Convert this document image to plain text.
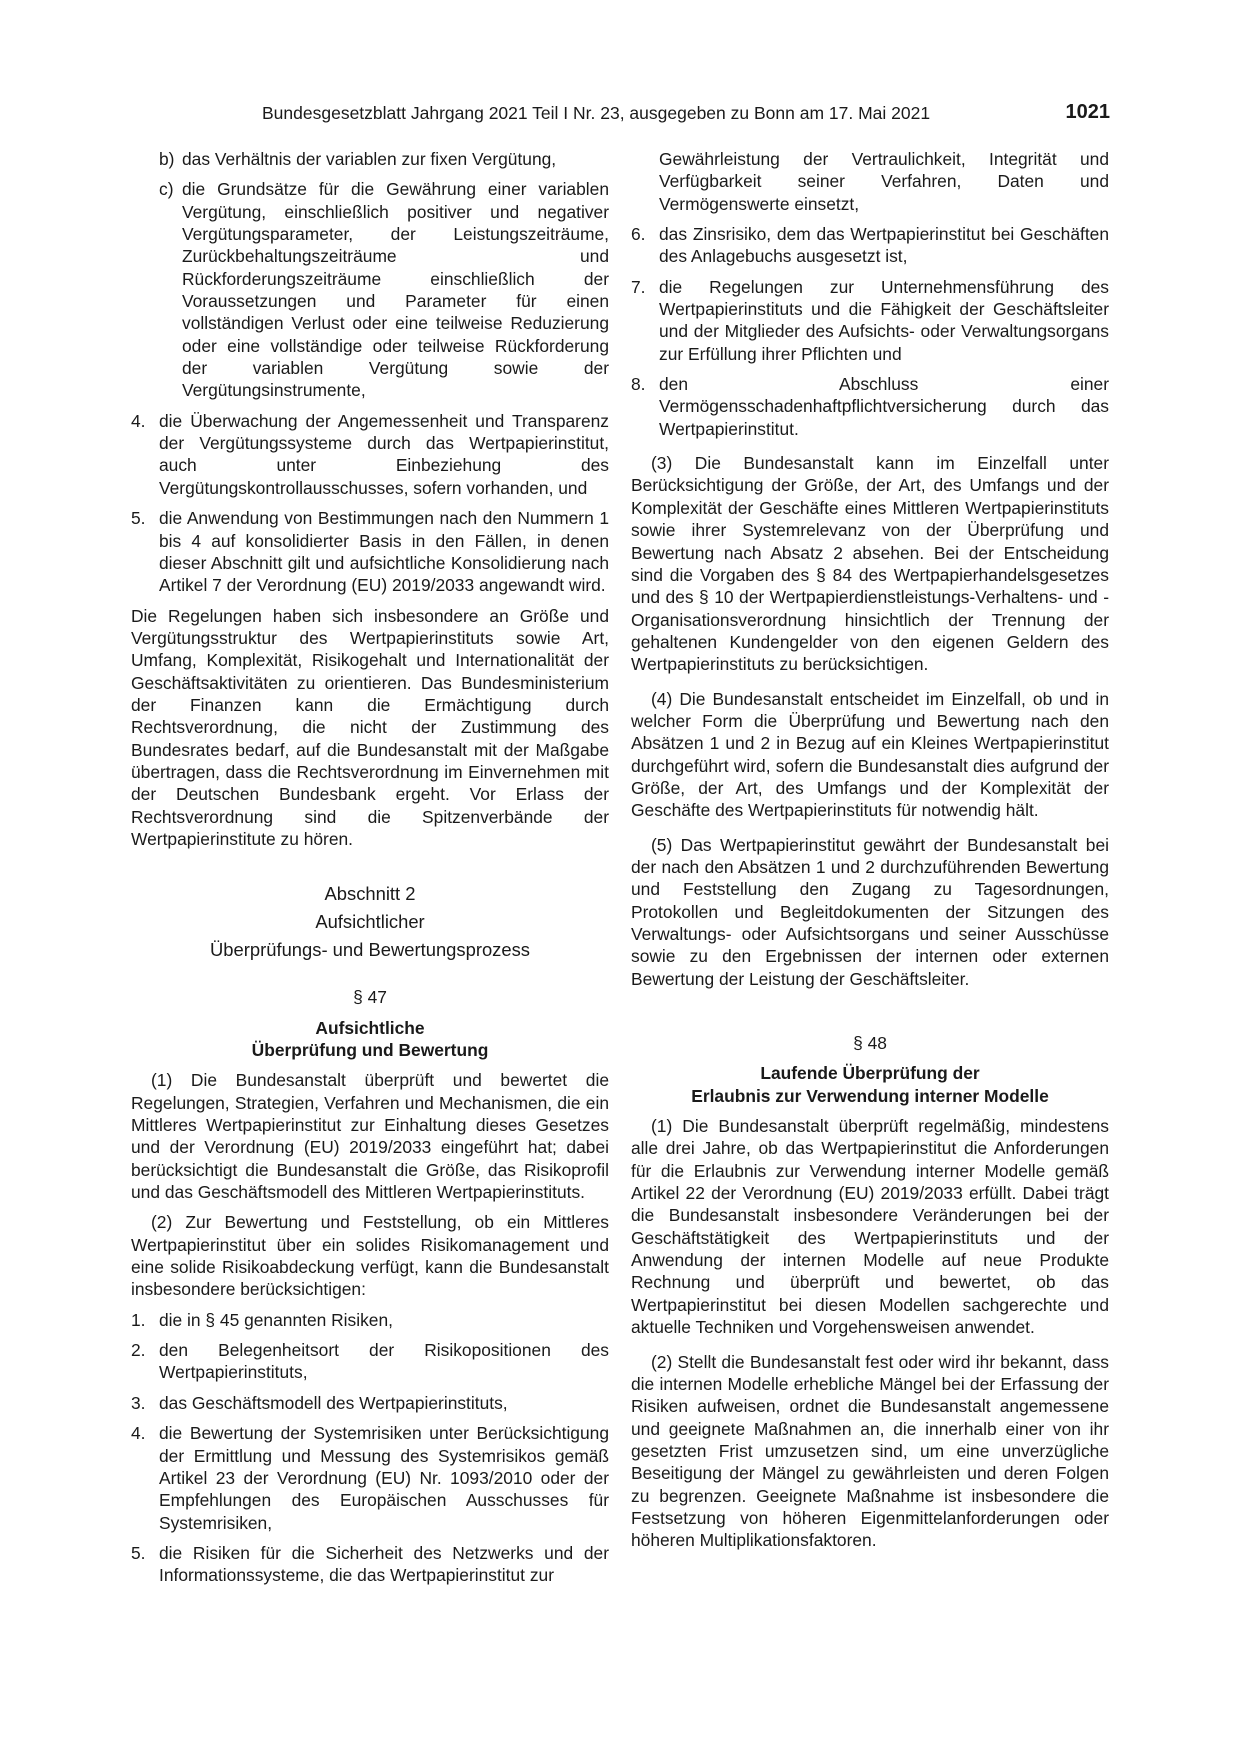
Bundesgesetzblatt Jahrgang 2021 Teil I Nr. 23, ausgegeben zu Bonn am 17. Mai 2021	1021
b) das Verhältnis der variablen zur fixen Vergütung,
c) die Grundsätze für die Gewährung einer variablen Vergütung, einschließlich positiver und negativer Vergütungsparameter, der Leistungszeiträume, Zurückbehaltungszeiträume und Rückforderungszeiträume einschließlich der Voraussetzungen und Parameter für einen vollständigen Verlust oder eine teilweise Reduzierung oder eine vollständige oder teilweise Rückforderung der variablen Vergütung sowie der Vergütungsinstrumente,
4. die Überwachung der Angemessenheit und Transparenz der Vergütungssysteme durch das Wertpapierinstitut, auch unter Einbeziehung des Vergütungskontrollausschusses, sofern vorhanden, und
5. die Anwendung von Bestimmungen nach den Nummern 1 bis 4 auf konsolidierter Basis in den Fällen, in denen dieser Abschnitt gilt und aufsichtliche Konsolidierung nach Artikel 7 der Verordnung (EU) 2019/2033 angewandt wird.

Die Regelungen haben sich insbesondere an Größe und Vergütungsstruktur des Wertpapierinstituts sowie Art, Umfang, Komplexität, Risikogehalt und Internationalität der Geschäftsaktivitäten zu orientieren. Das Bundesministerium der Finanzen kann die Ermächtigung durch Rechtsverordnung, die nicht der Zustimmung des Bundesrates bedarf, auf die Bundesanstalt mit der Maßgabe übertragen, dass die Rechtsverordnung im Einvernehmen mit der Deutschen Bundesbank ergeht. Vor Erlass der Rechtsverordnung sind die Spitzenverbände der Wertpapierinstitute zu hören.

Abschnitt 2

Aufsichtlicher

Überprüfungs- und Bewertungsprozess

§ 47

Aufsichtliche

Überprüfung und Bewertung

(1) Die Bundesanstalt überprüft und bewertet die Regelungen, Strategien, Verfahren und Mechanismen, die ein Mittleres Wertpapierinstitut zur Einhaltung dieses Gesetzes und der Verordnung (EU) 2019/2033 eingeführt hat; dabei berücksichtigt die Bundesanstalt die Größe, das Risikoprofil und das Geschäftsmodell des Mittleren Wertpapierinstituts.

(2) Zur Bewertung und Feststellung, ob ein Mittleres Wertpapierinstitut über ein solides Risikomanagement und eine solide Risikoabdeckung verfügt, kann die Bundesanstalt insbesondere berücksichtigen:

1. die in § 45 genannten Risiken,
2. den Belegenheitsort der Risikopositionen des Wertpapierinstituts,
3. das Geschäftsmodell des Wertpapierinstituts,
4. die Bewertung der Systemrisiken unter Berücksichtigung der Ermittlung und Messung des Systemrisikos gemäß Artikel 23 der Verordnung (EU) Nr. 1093/2010 oder der Empfehlungen des Europäischen Ausschusses für Systemrisiken,
5. die Risiken für die Sicherheit des Netzwerks und der Informationssysteme, die das Wertpapierinstitut zur
Gewährleistung der Vertraulichkeit, Integrität und Verfügbarkeit seiner Verfahren, Daten und Vermögenswerte einsetzt,
6. das Zinsrisiko, dem das Wertpapierinstitut bei Geschäften des Anlagebuchs ausgesetzt ist,
7. die Regelungen zur Unternehmensführung des Wertpapierinstituts und die Fähigkeit der Geschäftsleiter und der Mitglieder des Aufsichts- oder Verwaltungsorgans zur Erfüllung ihrer Pflichten und
8. den Abschluss einer Vermögensschadenhaftpflichtversicherung durch das Wertpapierinstitut.

(3) Die Bundesanstalt kann im Einzelfall unter Berücksichtigung der Größe, der Art, des Umfangs und der Komplexität der Geschäfte eines Mittleren Wertpapierinstituts sowie ihrer Systemrelevanz von der Überprüfung und Bewertung nach Absatz 2 absehen. Bei der Entscheidung sind die Vorgaben des § 84 des Wertpapierhandelsgesetzes und des § 10 der Wertpapierdienstleistungs-Verhaltens- und -Organisationsverordnung hinsichtlich der Trennung der gehaltenen Kundengelder von den eigenen Geldern des Wertpapierinstituts zu berücksichtigen.

(4) Die Bundesanstalt entscheidet im Einzelfall, ob und in welcher Form die Überprüfung und Bewertung nach den Absätzen 1 und 2 in Bezug auf ein Kleines Wertpapierinstitut durchgeführt wird, sofern die Bundesanstalt dies aufgrund der Größe, der Art, des Umfangs und der Komplexität der Geschäfte des Wertpapierinstituts für notwendig hält.

(5) Das Wertpapierinstitut gewährt der Bundesanstalt bei der nach den Absätzen 1 und 2 durchzuführenden Bewertung und Feststellung den Zugang zu Tagesordnungen, Protokollen und Begleitdokumenten der Sitzungen des Verwaltungs- oder Aufsichtsorgans und seiner Ausschüsse sowie zu den Ergebnissen der internen oder externen Bewertung der Leistung der Geschäftsleiter.

§ 48

Laufende Überprüfung der

Erlaubnis zur Verwendung interner Modelle

(1) Die Bundesanstalt überprüft regelmäßig, mindestens alle drei Jahre, ob das Wertpapierinstitut die Anforderungen für die Erlaubnis zur Verwendung interner Modelle gemäß Artikel 22 der Verordnung (EU) 2019/2033 erfüllt. Dabei trägt die Bundesanstalt insbesondere Veränderungen bei der Geschäftstätigkeit des Wertpapierinstituts und der Anwendung der internen Modelle auf neue Produkte Rechnung und überprüft und bewertet, ob das Wertpapierinstitut bei diesen Modellen sachgerechte und aktuelle Techniken und Vorgehensweisen anwendet.

(2) Stellt die Bundesanstalt fest oder wird ihr bekannt, dass die internen Modelle erhebliche Mängel bei der Erfassung der Risiken aufweisen, ordnet die Bundesanstalt angemessene und geeignete Maßnahmen an, die innerhalb einer von ihr gesetzten Frist umzusetzen sind, um eine unverzügliche Beseitigung der Mängel zu gewährleisten und deren Folgen zu begrenzen. Geeignete Maßnahme ist insbesondere die Festsetzung von höheren Eigenmittelanforderungen oder höheren Multiplikationsfaktoren.
